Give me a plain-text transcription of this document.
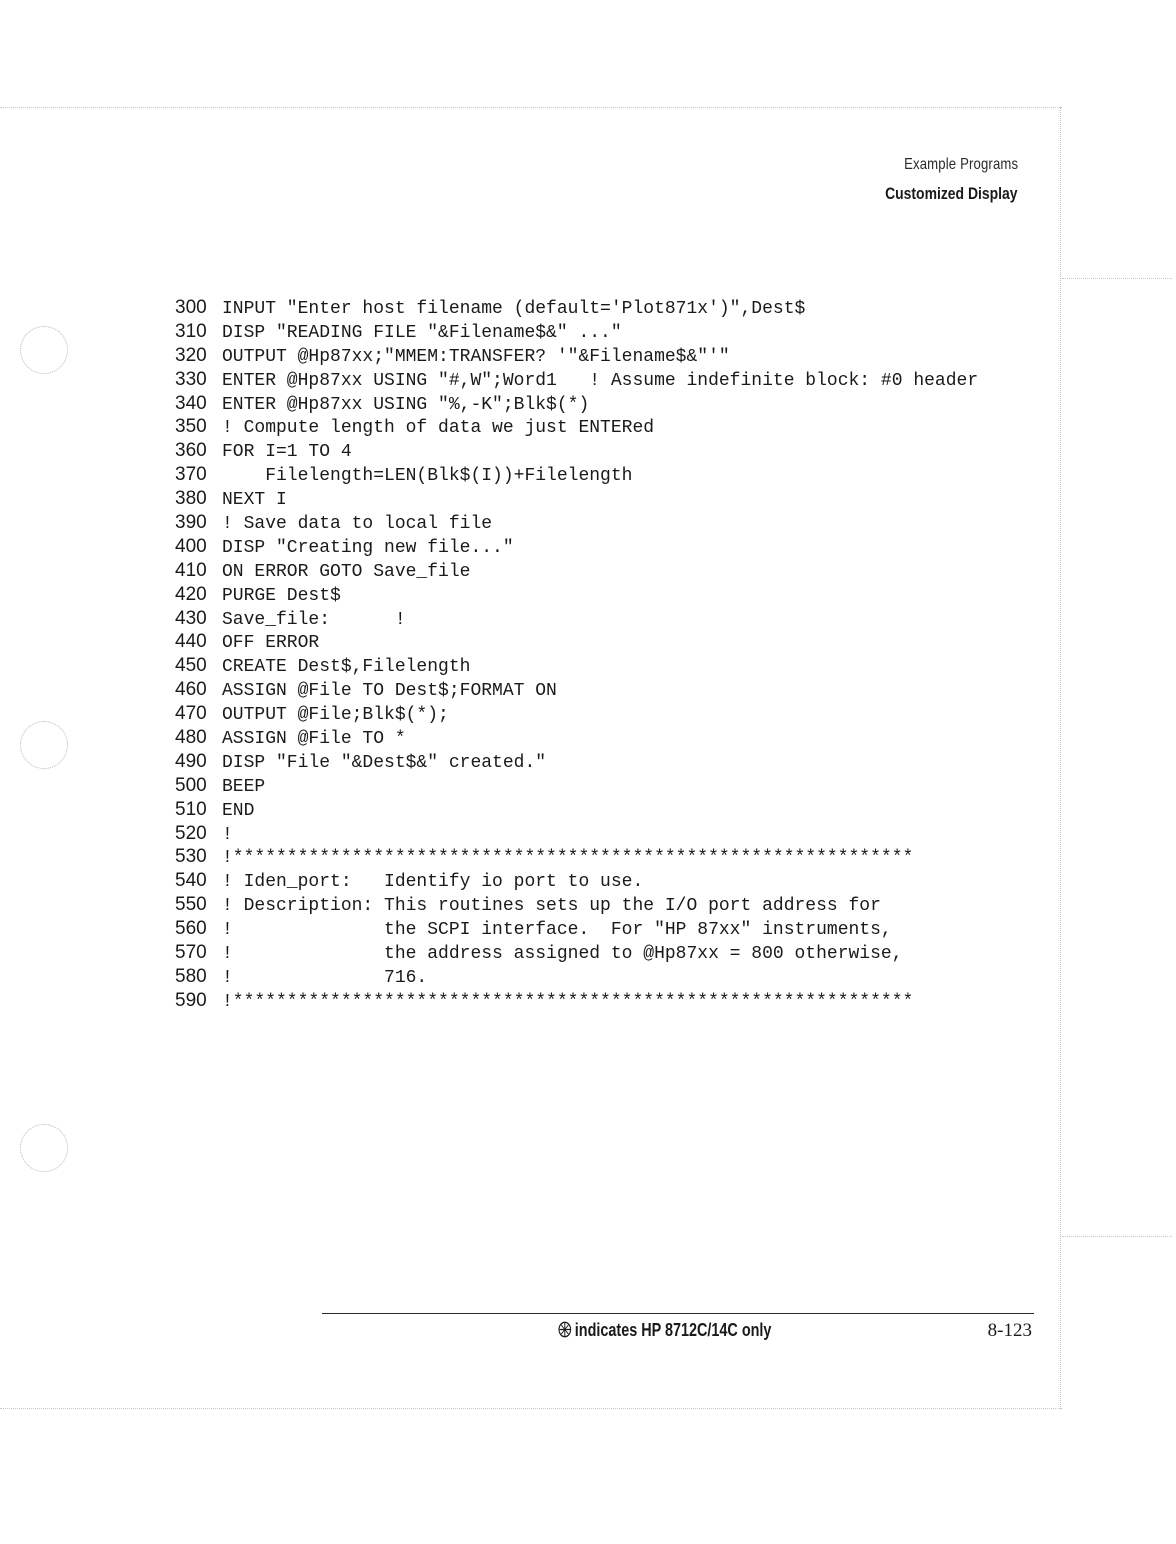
Example Programs
Customized Display
300 INPUT "Enter host filename (default='Plot871x')",Dest$
310 DISP "READING FILE "&Filename$&" ..."
320 OUTPUT @Hp87xx;"MMEM:TRANSFER? '"&Filename$&"'"
330 ENTER @Hp87xx USING "#,W";Word1   ! Assume indefinite block: #0 header
340 ENTER @Hp87xx USING "%,-K";Blk$(*)
350 ! Compute length of data we just ENTERed
360 FOR I=1 TO 4
370    Filelength=LEN(Blk$(I))+Filelength
380 NEXT I
390 ! Save data to local file
400 DISP "Creating new file..."
410 ON ERROR GOTO Save_file
420 PURGE Dest$
430 Save_file:      !
440 OFF ERROR
450 CREATE Dest$,Filelength
460 ASSIGN @File TO Dest$;FORMAT ON
470 OUTPUT @File;Blk$(*);
480 ASSIGN @File TO *
490 DISP "File "&Dest$&" created."
500 BEEP
510 END
520 !
530 !***************************************************************
540 ! Iden_port:   Identify io port to use.
550 ! Description: This routines sets up the I/O port address for
560 !              the SCPI interface.  For "HP 87xx" instruments,
570 !              the address assigned to @Hp87xx = 800 otherwise,
580 !              716.
590 !***************************************************************
indicates HP 8712C/14C only	8-123
